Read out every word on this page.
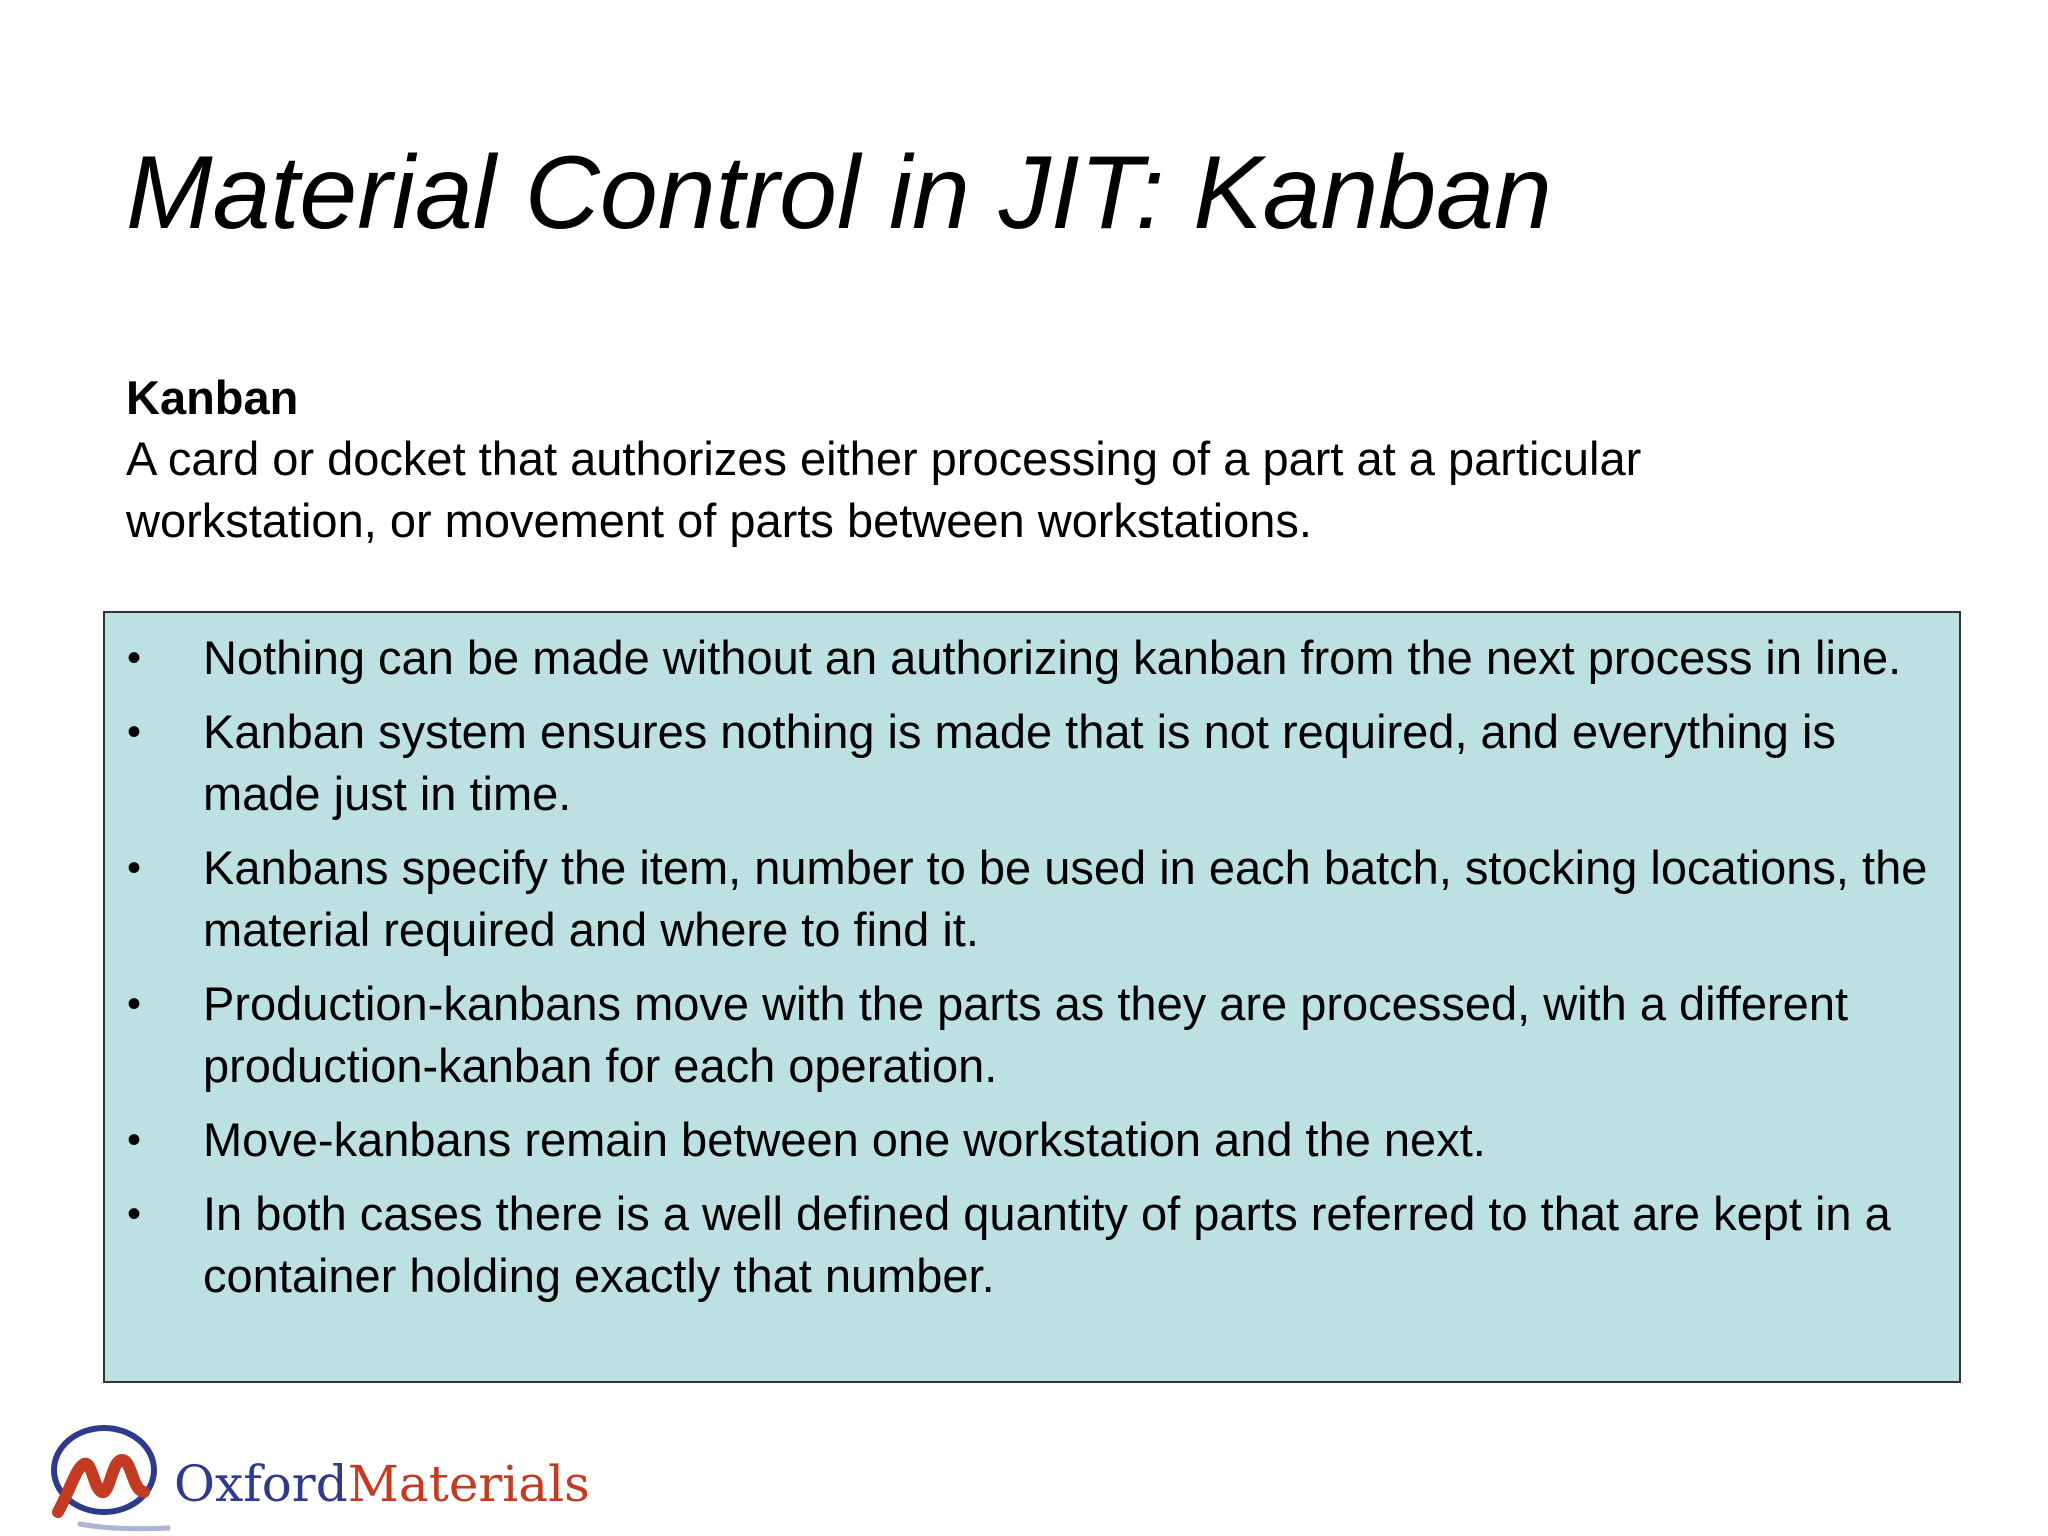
Material Control in JIT: Kanban
Kanban
A card or docket that authorizes either processing of a part at a particular workstation, or movement of parts between workstations.
•	Nothing can be made without an authorizing kanban from the next process in line.
•	Kanban system ensures nothing is made that is not required, and everything is made just in time.
•	Kanbans specify the item, number to be used in each batch, stocking locations, the material required and where to find it.
•	Production-kanbans move with the parts as they are processed, with a different production-kanban for each operation.
•	Move-kanbans remain between one workstation and the next.
•	In both cases there is a well defined quantity of parts referred to that are kept in a container holding exactly that number.
OxfordMaterials
